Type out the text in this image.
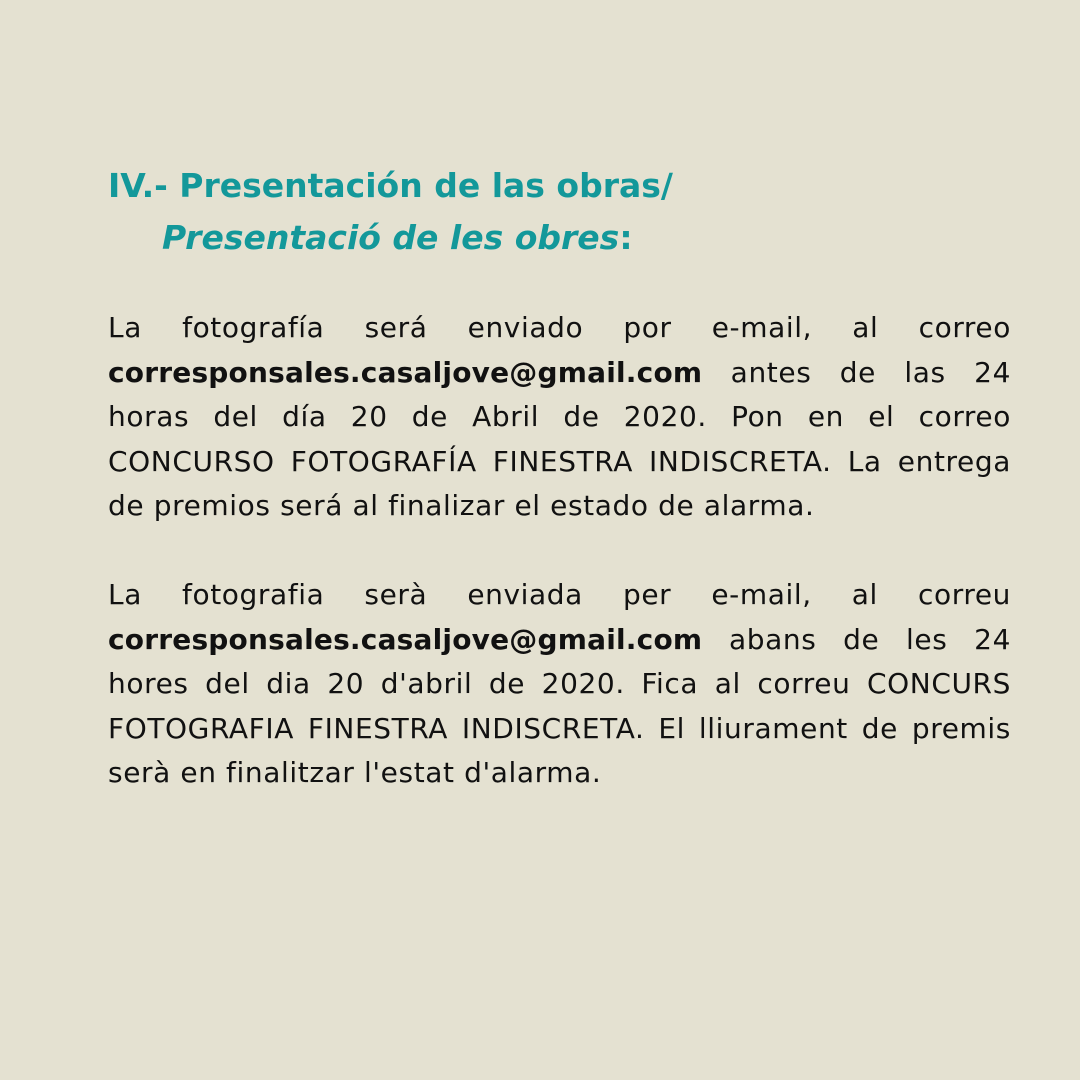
IV.- Presentación de las obras/
Presentació de les obres:

La fotografía será enviado por e-mail, al correo corresponsales.casaljove@gmail.com antes de las 24 horas del día 20 de Abril de 2020. Pon en el correo CONCURSO FOTOGRAFÍA FINESTRA INDISCRETA. La entrega de premios será al finalizar el estado de alarma.

La fotografia serà enviada per e-mail, al correu corresponsales.casaljove@gmail.com abans de les 24 hores del dia 20 d'abril de 2020. Fica al correu CONCURS FOTOGRAFIA FINESTRA INDISCRETA. El lliurament de premis serà en finalitzar l'estat d'alarma.
